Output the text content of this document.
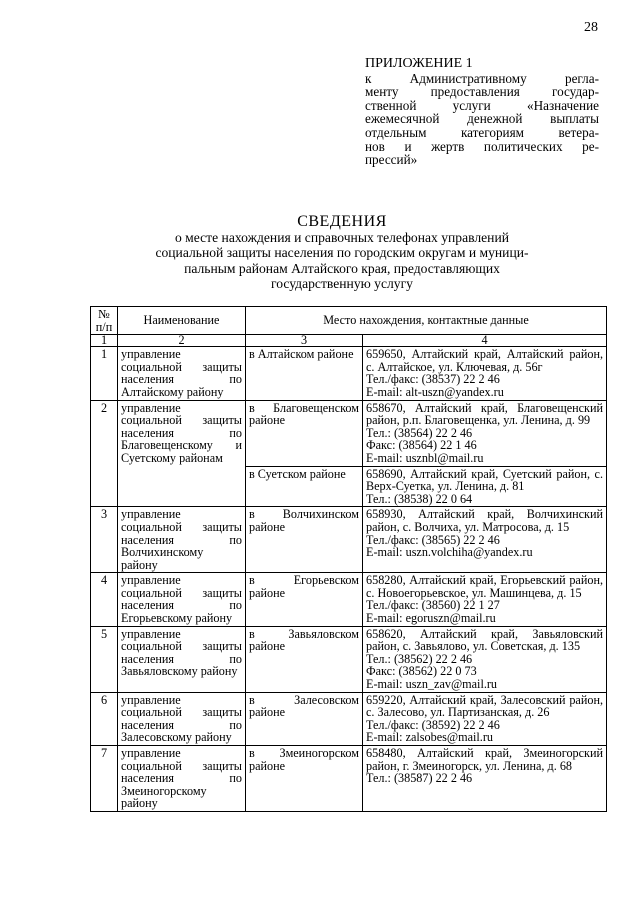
28
ПРИЛОЖЕНИЕ 1
к Административному регла-
менту предоставления государ-
ственной услуги «Назначение
ежемесячной денежной выплаты
отдельным категориям ветера-
нов и жертв политических ре-
прессий»
СВЕДЕНИЯ
о месте нахождения и справочных телефонах управлений
социальной защиты населения по городским округам и муници-
пальным районам Алтайского края, предоставляющих
государственную услугу
№ п/п	Наименование	Место нахождения, контактные данные	
1	2	3	4
1	управление социальной защиты населения по Алтайскому району	в Алтайском районе	659650, Алтайский край, Алтайский район, с. Алтайское, ул. Ключевая, д. 56г
Тел./факс: (38537) 22 2 46
E-mail: alt-uszn@yandex.ru

2	управление социальной защиты населения по Благовещенскому и Суетскому районам	в Благовещенском районе	658670, Алтайский край, Благовещенский район, р.п. Благовещенка, ул. Ленина, д. 99
Тел.: (38564) 22 2 46
Факс: (38564) 22 1 46
E-mail: usznbl@mail.ru

		в Суетском районе	658690, Алтайский край, Суетский район, с. Верх-Суетка, ул. Ленина, д. 81
Тел.: (38538) 22 0 64

3	управление социальной защиты населения по Волчихинскому району	в Волчихинском районе	658930, Алтайский край, Волчихинский район, с. Волчиха, ул. Матросова, д. 15
Тел./факс: (38565) 22 2 46
E-mail: uszn.volchiha@yandex.ru

4	управление социальной защиты населения по Егорьевскому району	в Егорьевском районе	658280, Алтайский край, Егорьевский район, с. Новоегорьевское, ул. Машинцева, д. 15
Тел./факс: (38560) 22 1 27
E-mail: egoruszn@mail.ru

5	управление социальной защиты населения по Завьяловскому району	в Завьяловском районе	658620, Алтайский край, Завьяловский район, с. Завьялово, ул. Советская, д. 135
Тел.: (38562) 22 2 46
Факс: (38562) 22 0 73
E-mail: uszn_zav@mail.ru

6	управление социальной защиты населения по Залесовскому району	в Залесовском районе	659220, Алтайский край, Залесовский район, с. Залесово, ул. Партизанская, д. 26
Тел./факс: (38592) 22 2 46
E-mail: zalsobes@mail.ru

7	управление социальной защиты населения по Змеиногорскому району	в Змеиногорском районе	658480, Алтайский край, Змеиногорский район, г. Змеиногорск, ул. Ленина, д. 68
Тел.: (38587) 22 2 46
